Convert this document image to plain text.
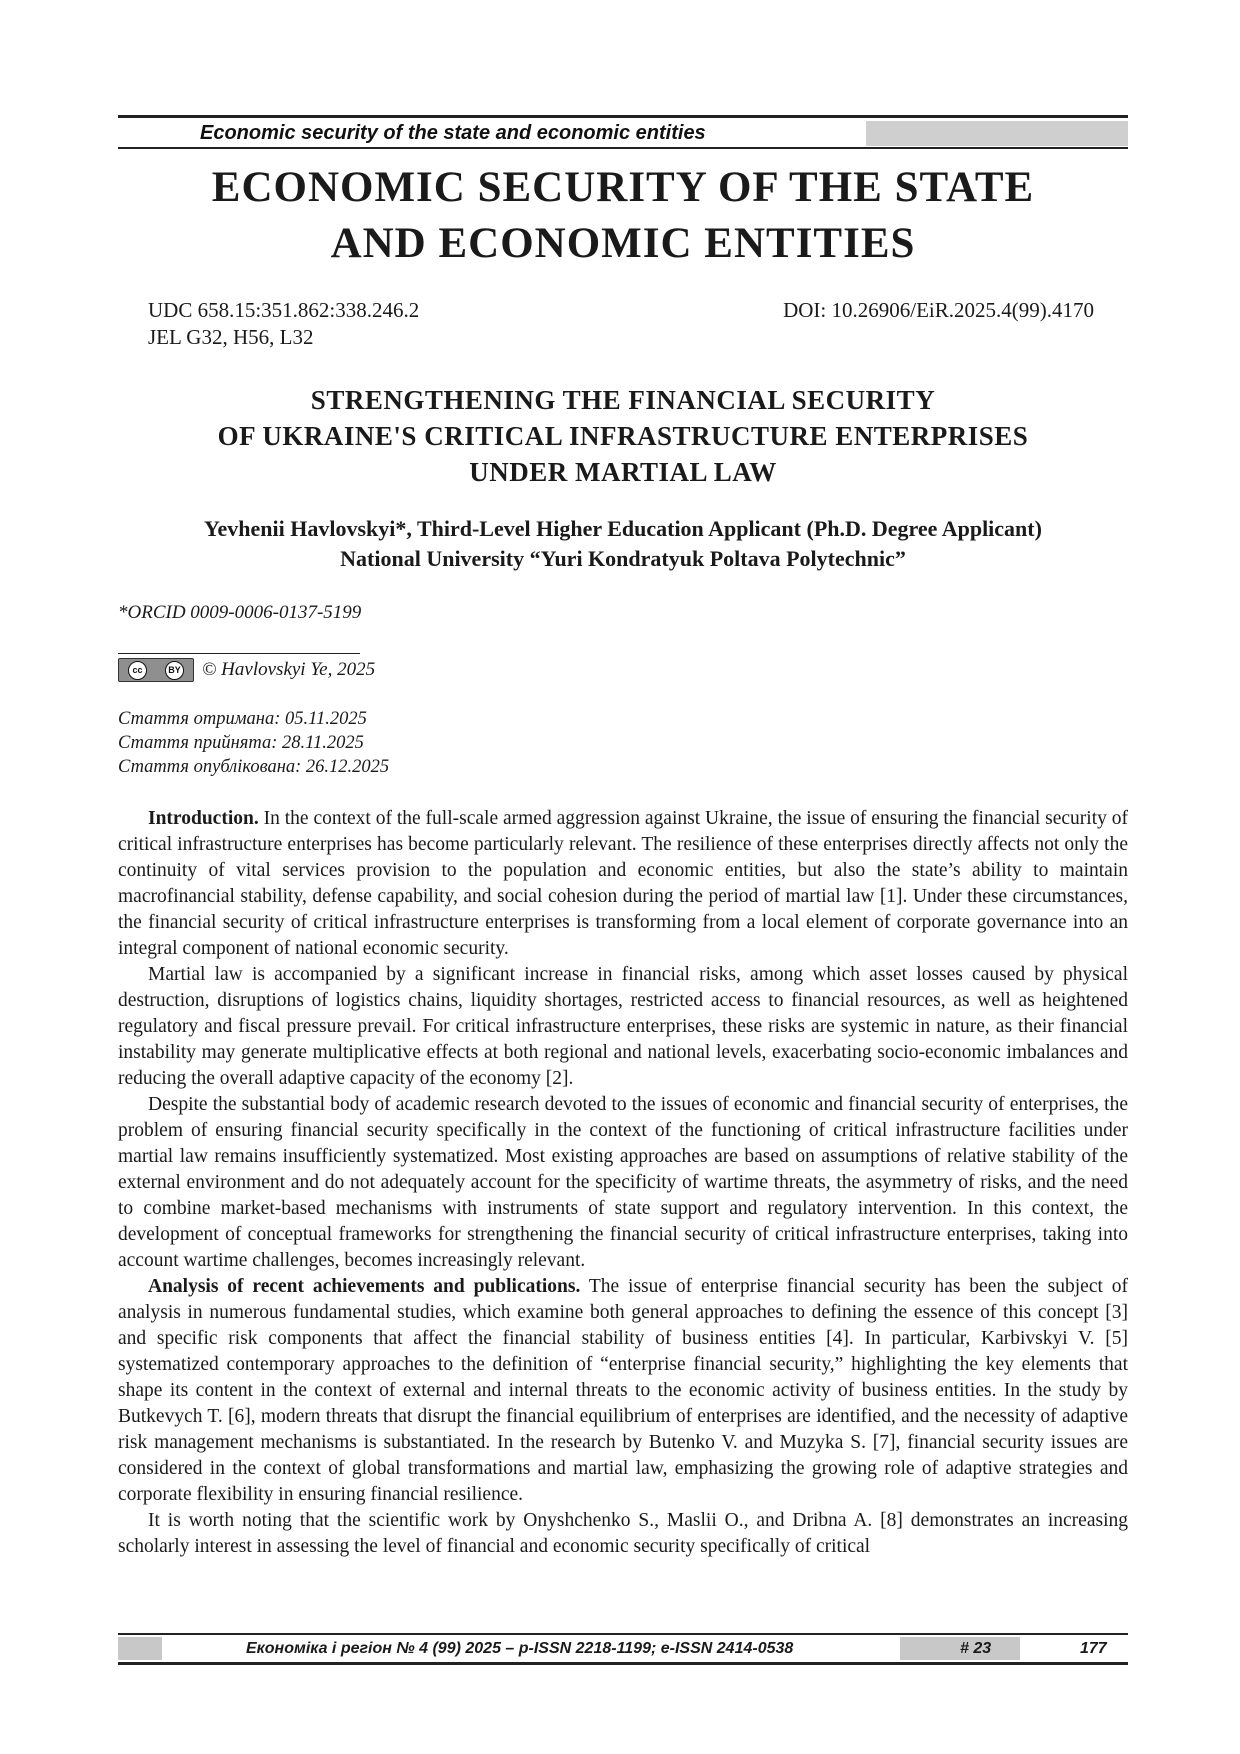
Economic security of the state and economic entities
ECONOMIC SECURITY OF THE STATE
AND ECONOMIC ENTITIES
UDC 658.15:351.862:338.246.2
JEL G32, H56, L32
DOI: 10.26906/EiR.2025.4(99).4170
STRENGTHENING THE FINANCIAL SECURITY
OF UKRAINE'S CRITICAL INFRASTRUCTURE ENTERPRISES
UNDER MARTIAL LAW
Yevhenii Havlovskyi*, Third-Level Higher Education Applicant (Ph.D. Degree Applicant)
National University “Yuri Kondratyuk Poltava Polytechnic”
*ORCID 0009-0006-0137-5199
cc	BY © Havlovskyi Ye, 2025
Стаття отримана: 05.11.2025
Стаття прийнята: 28.11.2025
Стаття опублікована: 26.12.2025

Introduction. In the context of the full-scale armed aggression against Ukraine, the issue of ensuring the financial security of critical infrastructure enterprises has become particularly relevant. The resilience of these enterprises directly affects not only the continuity of vital services provision to the population and economic entities, but also the state’s ability to maintain macrofinancial stability, defense capability, and social cohesion during the period of martial law [1]. Under these circumstances, the financial security of critical infrastructure enterprises is transforming from a local element of corporate governance into an integral component of national economic security.

Martial law is accompanied by a significant increase in financial risks, among which asset losses caused by physical destruction, disruptions of logistics chains, liquidity shortages, restricted access to financial resources, as well as heightened regulatory and fiscal pressure prevail. For critical infrastructure enterprises, these risks are systemic in nature, as their financial instability may generate multiplicative effects at both regional and national levels, exacerbating socio-economic imbalances and reducing the overall adaptive capacity of the economy [2].

Despite the substantial body of academic research devoted to the issues of economic and financial security of enterprises, the problem of ensuring financial security specifically in the context of the functioning of critical infrastructure facilities under martial law remains insufficiently systematized. Most existing approaches are based on assumptions of relative stability of the external environment and do not adequately account for the specificity of wartime threats, the asymmetry of risks, and the need to combine market-based mechanisms with instruments of state support and regulatory intervention. In this context, the development of conceptual frameworks for strengthening the financial security of critical infrastructure enterprises, taking into account wartime challenges, becomes increasingly relevant.

Analysis of recent achievements and publications. The issue of enterprise financial security has been the subject of analysis in numerous fundamental studies, which examine both general approaches to defining the essence of this concept [3] and specific risk components that affect the financial stability of business entities [4]. In particular, Karbivskyi V. [5] systematized contemporary approaches to the definition of “enterprise financial security,” highlighting the key elements that shape its content in the context of external and internal threats to the economic activity of business entities. In the study by Butkevych T. [6], modern threats that disrupt the financial equilibrium of enterprises are identified, and the necessity of adaptive risk management mechanisms is substantiated. In the research by Butenko V. and Muzyka S. [7], financial security issues are considered in the context of global transformations and martial law, emphasizing the growing role of adaptive strategies and corporate flexibility in ensuring financial resilience.

It is worth noting that the scientific work by Onyshchenko S., Maslii O., and Dribna A. [8] demonstrates an increasing scholarly interest in assessing the level of financial and economic security specifically of critical

Економіка і регіон № 4 (99) 2025 – p-ISSN 2218-1199; e-ISSN 2414-0538	# 23	177
